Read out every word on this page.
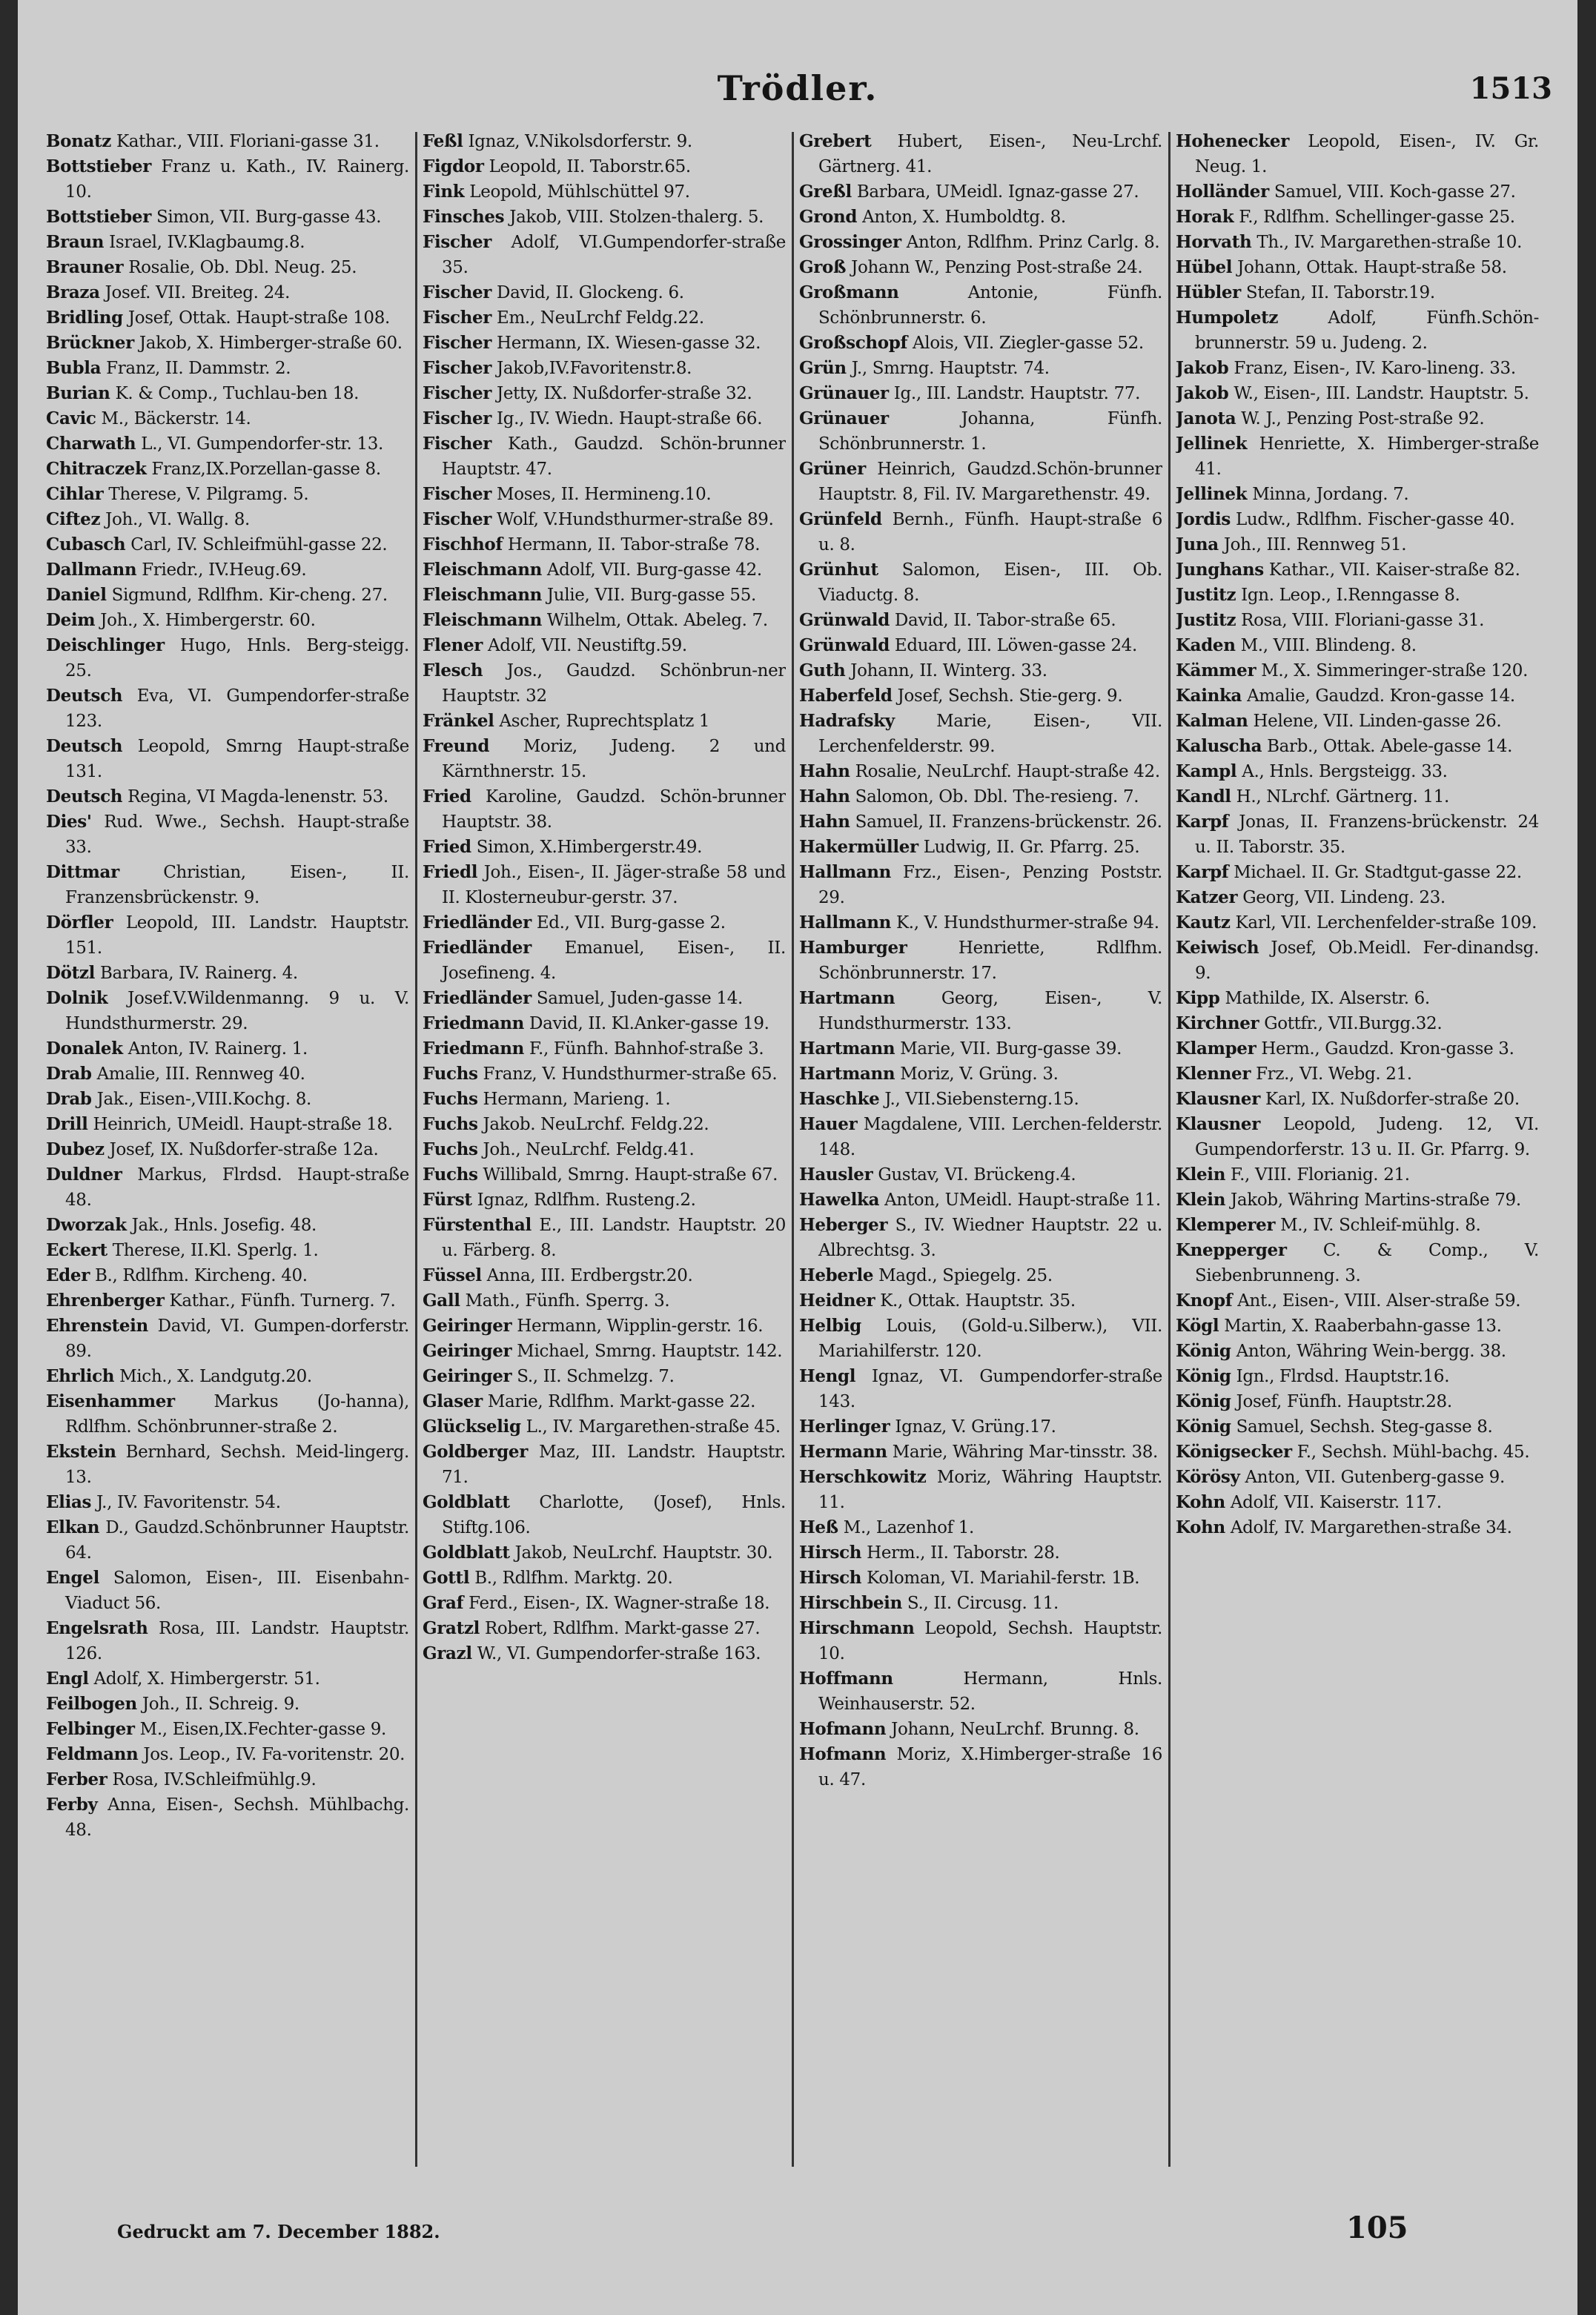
Trödler.	1513

Bonatz Kathar., VIII. Floriani-gasse 31.

Bottstieber Franz u. Kath., IV. Rainerg. 10.

Bottstieber Simon, VII. Burg-gasse 43.

Braun Israel, IV.Klagbaumg.8.

Brauner Rosalie, Ob. Dbl. Neug. 25.

Braza Josef. VII. Breiteg. 24.

Bridling Josef, Ottak. Haupt-straße 108.

Brückner Jakob, X. Himberger-straße 60.

Bubla Franz, II. Dammstr. 2.

Burian K. & Comp., Tuchlau-ben 18.

Cavic M., Bäckerstr. 14.

Charwath L., VI. Gumpendorfer-str. 13.

Chitraczek Franz,IX.Porzellan-gasse 8.

Cihlar Therese, V. Pilgramg. 5.

Ciftez Joh., VI. Wallg. 8.

Cubasch Carl, IV. Schleifmühl-gasse 22.

Dallmann Friedr., IV.Heug.69.

Daniel Sigmund, Rdlfhm. Kir-cheng. 27.

Deim Joh., X. Himbergerstr. 60.

Deischlinger Hugo, Hnls. Berg-steigg. 25.

Deutsch Eva, VI. Gumpendorfer-straße 123.

Deutsch Leopold, Smrng Haupt-straße 131.

Deutsch Regina, VI Magda-lenenstr. 53.

Dies' Rud. Wwe., Sechsh. Haupt-straße 33.

Dittmar	Christian, Eisen-, II. Franzensbrückenstr. 9.

Dörfler Leopold, III. Landstr. Hauptstr. 151.

Dötzl Barbara, IV. Rainerg. 4.

Dolnik Josef.V.Wildenmanng. 9 u. V. Hundsthurmerstr. 29.

Donalek Anton, IV. Rainerg. 1.

Drab Amalie, III. Rennweg 40.

Drab Jak., Eisen-,VIII.Kochg. 8.

Drill Heinrich, UMeidl. Haupt-straße 18.

Dubez Josef, IX. Nußdorfer-straße 12a.

Duldner Markus, Flrdsd. Haupt-straße 48.

Dworzak Jak., Hnls. Josefig. 48.

Eckert Therese, II.Kl. Sperlg. 1.

Eder B., Rdlfhm. Kircheng. 40.

Ehrenberger Kathar., Fünfh. Turnerg. 7.

Ehrenstein David, VI. Gumpen-dorferstr. 89.

Ehrlich Mich., X. Landgutg.20.

Eisenhammer Markus (Jo-hanna), Rdlfhm. Schönbrunner-straße 2.

Ekstein Bernhard, Sechsh. Meid-lingerg. 13.

Elias J., IV. Favoritenstr. 54.

Elkan D., Gaudzd.Schönbrunner Hauptstr. 64.

Engel Salomon, Eisen-, III. Eisenbahn-Viaduct 56.

Engelsrath Rosa, III. Landstr. Hauptstr. 126.

Engl Adolf, X. Himbergerstr. 51.

Feilbogen Joh., II. Schreig. 9.

Felbinger M., Eisen,IX.Fechter-gasse 9.

Feldmann Jos. Leop., IV. Fa-voritenstr. 20.

Ferber Rosa, IV.Schleifmühlg.9.

Ferby Anna, Eisen-, Sechsh. Mühlbachg. 48.

Feßl Ignaz, V.Nikolsdorferstr. 9.

Figdor Leopold, II. Taborstr.65.

Fink Leopold, Mühlschüttel 97.

Finsches Jakob, VIII. Stolzen-thalerg. 5.

Fischer Adolf, VI.Gumpendorfer-straße 35.

Fischer David, II. Glockeng. 6.

Fischer Em., NeuLrchf Feldg.22.

Fischer Hermann, IX. Wiesen-gasse 32.

Fischer Jakob,IV.Favoritenstr.8.

Fischer Jetty, IX. Nußdorfer-straße 32.

Fischer Ig., IV. Wiedn. Haupt-straße 66.

Fischer Kath., Gaudzd. Schön-brunner Hauptstr. 47.

Fischer Moses, II. Hermineng.10.

Fischer Wolf, V.Hundsthurmer-straße 89.

Fischhof Hermann, II. Tabor-straße 78.

Fleischmann Adolf, VII. Burg-gasse 42.

Fleischmann Julie, VII. Burg-gasse 55.

Fleischmann Wilhelm, Ottak. Abeleg. 7.

Flener Adolf, VII. Neustiftg.59.

Flesch Jos., Gaudzd. Schönbrun-ner Hauptstr. 32

Fränkel Ascher, Ruprechtsplatz 1

Freund Moriz, Judeng. 2 und Kärnthnerstr. 15.

Fried Karoline, Gaudzd. Schön-brunner Hauptstr. 38.

Fried Simon, X.Himbergerstr.49.

Friedl Joh., Eisen-, II. Jäger-straße 58 und II. Klosterneubur-gerstr. 37.

Friedländer Ed., VII. Burg-gasse 2.

Friedländer Emanuel, Eisen-, II. Josefineng. 4.

Friedländer Samuel, Juden-gasse 14.

Friedmann David, II. Kl.Anker-gasse 19.

Friedmann F., Fünfh. Bahnhof-straße 3.

Fuchs Franz, V. Hundsthurmer-straße 65.

Fuchs Hermann, Marieng. 1.

Fuchs Jakob. NeuLrchf. Feldg.22.

Fuchs Joh., NeuLrchf. Feldg.41.

Fuchs Willibald, Smrng. Haupt-straße 67.

Fürst Ignaz, Rdlfhm. Rusteng.2.

Fürstenthal E., III. Landstr. Hauptstr. 20 u. Färberg. 8.

Füssel Anna, III. Erdbergstr.20.

Gall Math., Fünfh. Sperrg. 3.

Geiringer Hermann, Wipplin-gerstr. 16.

Geiringer Michael, Smrng. Hauptstr. 142.

Geiringer S., II. Schmelzg. 7.

Glaser Marie, Rdlfhm. Markt-gasse 22.

Glückselig L., IV. Margarethen-straße 45.

Goldberger Maz, III. Landstr. Hauptstr. 71.

Goldblatt Charlotte, (Josef), Hnls. Stiftg.106.

Goldblatt Jakob, NeuLrchf. Hauptstr. 30.

Gottl B., Rdlfhm. Marktg. 20.

Graf Ferd., Eisen-, IX. Wagner-straße 18.

Gratzl Robert, Rdlfhm. Markt-gasse 27.

Grazl W., VI. Gumpendorfer-straße 163.

Grebert Hubert, Eisen-, Neu-Lrchf. Gärtnerg. 41.

Greßl Barbara, UMeidl. Ignaz-gasse 27.

Grond Anton, X. Humboldtg. 8.

Grossinger Anton, Rdlfhm. Prinz Carlg. 8.

Groß Johann W., Penzing Post-straße 24.

Großmann	Antonie, Fünfh. Schönbrunnerstr. 6.

Großschopf Alois, VII. Ziegler-gasse 52.

Grün J., Smrng. Hauptstr. 74.

Grünauer Ig., III. Landstr. Hauptstr. 77.

Grünauer	Johanna, Fünfh. Schönbrunnerstr. 1.

Grüner Heinrich, Gaudzd.Schön-brunner Hauptstr. 8, Fil. IV. Margarethenstr. 49.

Grünfeld Bernh., Fünfh. Haupt-straße 6 u. 8.

Grünhut Salomon, Eisen-, III. Ob. Viaductg. 8.

Grünwald David, II. Tabor-straße 65.

Grünwald Eduard, III. Löwen-gasse 24.

Guth Johann, II. Winterg. 33.

Haberfeld Josef, Sechsh. Stie-gerg. 9.

Hadrafsky Marie, Eisen-, VII. Lerchenfelderstr. 99.

Hahn Rosalie, NeuLrchf. Haupt-straße 42.

Hahn Salomon, Ob. Dbl. The-resieng. 7.

Hahn Samuel, II. Franzens-brückenstr. 26.

Hakermüller Ludwig, II. Gr. Pfarrg. 25.

Hallmann Frz., Eisen-, Penzing Poststr. 29.

Hallmann K., V. Hundsthurmer-straße 94.

Hamburger	Henriette, Rdlfhm. Schönbrunnerstr. 17.

Hartmann	Georg, Eisen-, V. Hundsthurmerstr. 133.

Hartmann Marie, VII. Burg-gasse 39.

Hartmann Moriz, V. Grüng. 3.

Haschke J., VII.Siebensterng.15.

Hauer Magdalene, VIII. Lerchen-felderstr. 148.

Hausler Gustav, VI. Brückeng.4.

Hawelka Anton, UMeidl. Haupt-straße 11.

Heberger S., IV. Wiedner Hauptstr. 22 u. Albrechtsg. 3.

Heberle Magd., Spiegelg. 25.

Heidner K., Ottak. Hauptstr. 35.

Helbig Louis, (Gold-u.Silberw.), VII. Mariahilferstr. 120.

Hengl Ignaz, VI. Gumpendorfer-straße 143.

Herlinger Ignaz, V. Grüng.17.

Hermann Marie, Währing Mar-tinsstr. 38.

Herschkowitz Moriz, Währing Hauptstr. 11.

Heß M., Lazenhof 1.

Hirsch Herm., II. Taborstr. 28.

Hirsch Koloman, VI. Mariahil-ferstr. 1B.

Hirschbein S., II. Circusg. 11.

Hirschmann Leopold, Sechsh. Hauptstr. 10.

Hoffmann	Hermann, Hnls. Weinhauserstr. 52.

Hofmann Johann, NeuLrchf. Brunng. 8.

Hofmann Moriz, X.Himberger-straße 16 u. 47.

Hohenecker Leopold, Eisen-, IV. Gr. Neug. 1.

Holländer Samuel, VIII. Koch-gasse 27.

Horak F., Rdlfhm. Schellinger-gasse 25.

Horvath Th., IV. Margarethen-straße 10.

Hübel Johann, Ottak. Haupt-straße 58.

Hübler Stefan, II. Taborstr.19.

Humpoletz	Adolf, Fünfh.Schön-brunnerstr. 59 u. Judeng. 2.

Jakob Franz, Eisen-, IV. Karo-lineng. 33.

Jakob W., Eisen-, III. Landstr. Hauptstr. 5.

Janota W. J., Penzing Post-straße 92.

Jellinek Henriette, X. Himberger-straße 41.

Jellinek Minna, Jordang. 7.

Jordis Ludw., Rdlfhm. Fischer-gasse 40.

Juna Joh., III. Rennweg 51.

Junghans Kathar., VII. Kaiser-straße 82.

Justitz Ign. Leop., I.Renngasse 8.

Justitz Rosa, VIII. Floriani-gasse 31.

Kaden M., VIII. Blindeng. 8.

Kämmer M., X. Simmeringer-straße 120.

Kainka Amalie, Gaudzd. Kron-gasse 14.

Kalman Helene, VII. Linden-gasse 26.

Kaluscha Barb., Ottak. Abele-gasse 14.

Kampl A., Hnls. Bergsteigg. 33.

Kandl H., NLrchf. Gärtnerg. 11.

Karpf Jonas, II. Franzens-brückenstr. 24 u. II. Taborstr. 35.

Karpf Michael. II. Gr. Stadtgut-gasse 22.

Katzer Georg, VII. Lindeng. 23.

Kautz Karl, VII. Lerchenfelder-straße 109.

Keiwisch Josef, Ob.Meidl. Fer-dinandsg. 9.

Kipp Mathilde, IX. Alserstr. 6.

Kirchner Gottfr., VII.Burgg.32.

Klamper Herm., Gaudzd. Kron-gasse 3.

Klenner Frz., VI. Webg. 21.

Klausner Karl, IX. Nußdorfer-straße 20.

Klausner Leopold, Judeng. 12, VI. Gumpendorferstr. 13 u. II. Gr. Pfarrg. 9.

Klein F., VIII. Florianig. 21.

Klein Jakob, Währing Martins-straße 79.

Klemperer M., IV. Schleif-mühlg. 8.

Knepperger C. & Comp., V. Siebenbrunneng. 3.

Knopf Ant., Eisen-, VIII. Alser-straße 59.

Kögl Martin, X. Raaberbahn-gasse 13.

König Anton, Währing Wein-bergg. 38.

König Ign., Flrdsd. Hauptstr.16.

König Josef, Fünfh. Hauptstr.28.

König Samuel, Sechsh. Steg-gasse 8.

Königsecker F., Sechsh. Mühl-bachg. 45.

Körösy Anton, VII. Gutenberg-gasse 9.

Kohn Adolf, VII. Kaiserstr. 117.

Kohn Adolf, IV. Margarethen-straße 34.

Gedruckt am 7. December 1882.	105
